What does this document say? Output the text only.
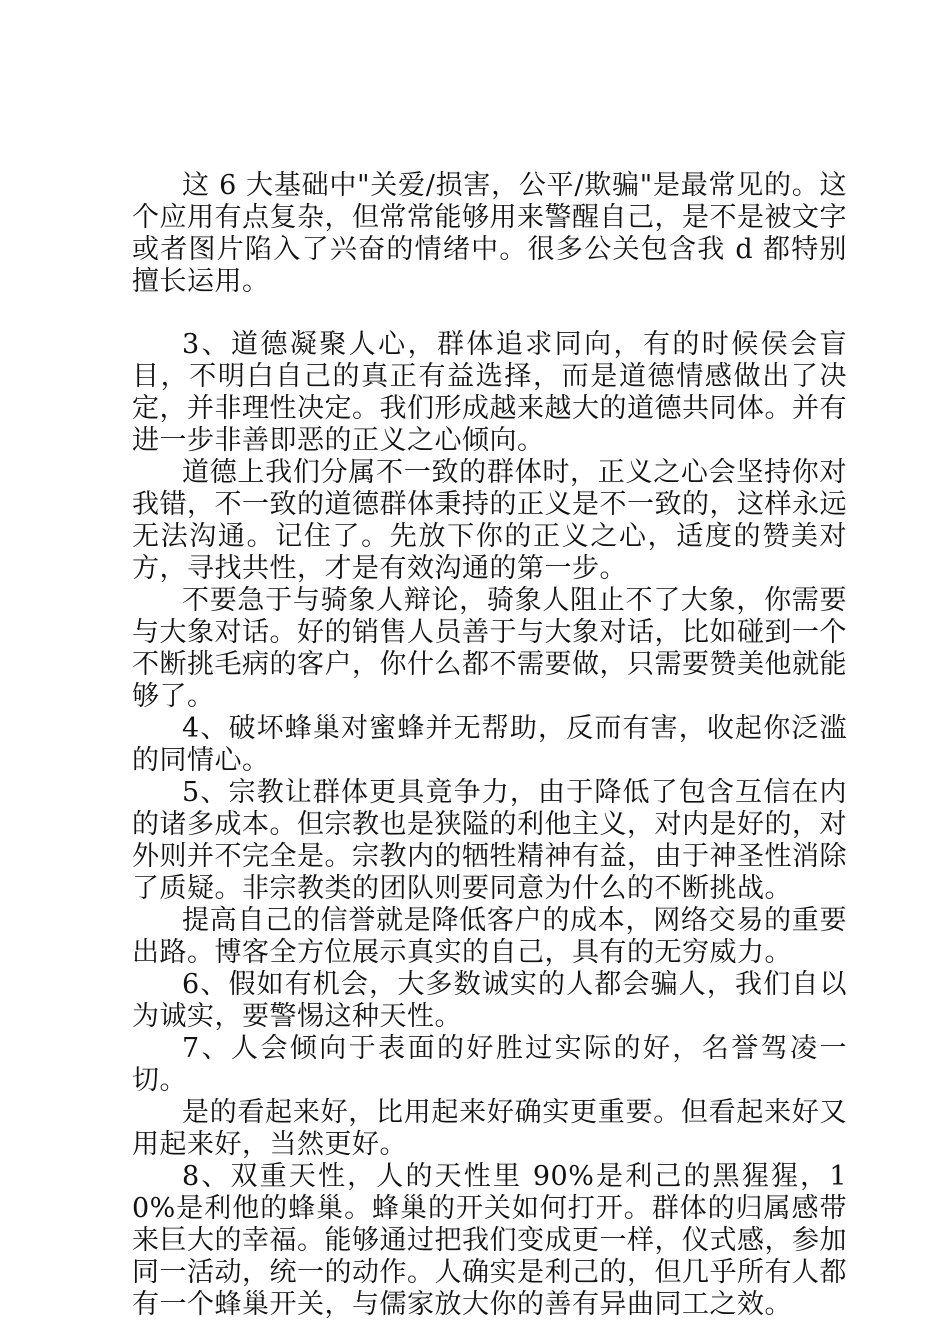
这 6 大基础中"关爱/损害，公平/欺骗"是最常见的。这个应用有点复杂，但常常能够用来警醒自己，是不是被文字或者图片陷入了兴奋的情绪中。很多公关包含我 d 都特别擅长运用。

3、道德凝聚人心，群体追求同向，有的时候侯会盲目，不明白自己的真正有益选择，而是道德情感做出了决定，并非理性决定。我们形成越来越大的道德共同体。并有进一步非善即恶的正义之心倾向。

道德上我们分属不一致的群体时，正义之心会坚持你对我错，不一致的道德群体秉持的正义是不一致的，这样永远无法沟通。记住了。先放下你的正义之心，适度的赞美对方，寻找共性，才是有效沟通的第一步。

不要急于与骑象人辩论，骑象人阻止不了大象，你需要与大象对话。好的销售人员善于与大象对话，比如碰到一个不断挑毛病的客户，你什么都不需要做，只需要赞美他就能够了。

4、破坏蜂巢对蜜蜂并无帮助，反而有害，收起你泛滥的同情心。

5、宗教让群体更具竟争力，由于降低了包含互信在内的诸多成本。但宗教也是狭隘的利他主义，对内是好的，对外则并不完全是。宗教内的牺牲精神有益，由于神圣性消除了质疑。非宗教类的团队则要同意为什么的不断挑战。

提高自己的信誉就是降低客户的成本，网络交易的重要出路。博客全方位展示真实的自己，具有的无穷威力。

6、假如有机会，大多数诚实的人都会骗人，我们自以为诚实，要警惕这种天性。

7、人会倾向于表面的好胜过实际的好，名誉驾凌一切。

是的看起来好，比用起来好确实更重要。但看起来好又用起来好，当然更好。

8、双重天性，人的天性里 90%是利己的黑猩猩，10%是利他的蜂巢。蜂巢的开关如何打开。群体的归属感带来巨大的幸福。能够通过把我们变成更一样，仪式感，参加同一活动，统一的动作。人确实是利己的，但几乎所有人都有一个蜂巢开关，与儒家放大你的善有异曲同工之效。
